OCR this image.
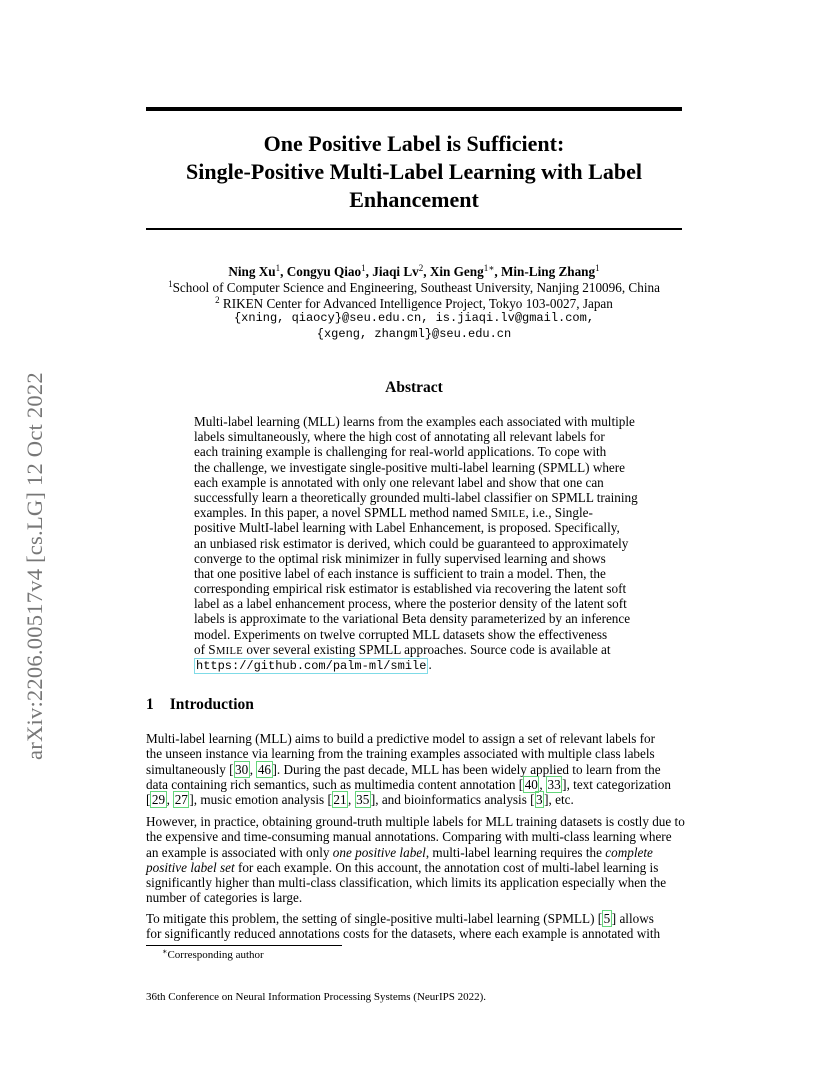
arXiv:2206.00517v4 [cs.LG] 12 Oct 2022
One Positive Label is Sufficient:
Single-Positive Multi-Label Learning with Label
Enhancement
Ning Xu$^1$, Congyu Qiao$^1$, Jiaqi Lv$^2$, Xin Geng$^{1∗}$, Min-Ling Zhang$^1$
$^1$School of Computer Science and Engineering, Southeast University, Nanjing 210096, China
$^2$ RIKEN Center for Advanced Intelligence Project, Tokyo 103-0027, Japan
{xning, qiaocy}@seu.edu.cn, is.jiaqi.lv@gmail.com,
{xgeng, zhangml}@seu.edu.cn
Abstract
Multi-label learning (MLL) learns from the examples each associated with multiple
labels simultaneously, where the high cost of annotating all relevant labels for
each training example is challenging for real-world applications. To cope with
the challenge, we investigate single-positive multi-label learning (SPMLL) where
each example is annotated with only one relevant label and show that one can
successfully learn a theoretically grounded multi-label classifier on SPMLL training
examples. In this paper, a novel SPMLL method named SMILE, i.e., Single-
positive MultI-label learning with Label Enhancement, is proposed. Specifically,
an unbiased risk estimator is derived, which could be guaranteed to approximately
converge to the optimal risk minimizer in fully supervised learning and shows
that one positive label of each instance is sufficient to train a model. Then, the
corresponding empirical risk estimator is established via recovering the latent soft
label as a label enhancement process, where the posterior density of the latent soft
labels is approximate to the variational Beta density parameterized by an inference
model. Experiments on twelve corrupted MLL datasets show the effectiveness
of SMILE over several existing SPMLL approaches. Source code is available at
https://github.com/palm-ml/smile .
1 Introduction
Multi-label learning (MLL) aims to build a predictive model to assign a set of relevant labels for
the unseen instance via learning from the training examples associated with multiple class labels
simultaneously [ 30 , 46 ]. During the past decade, MLL has been widely applied to learn from the
data containing rich semantics, such as multimedia content annotation [ 40 , 33 ], text categorization
[ 29 , 27 ], music emotion analysis [ 21 , 35 ], and bioinformatics analysis [ 3 ], etc.
However, in practice, obtaining ground-truth multiple labels for MLL training datasets is costly due to
the expensive and time-consuming manual annotations. Comparing with multi-class learning where
an example is associated with only one positive label, multi-label learning requires the complete
positive label set for each example. On this account, the annotation cost of multi-label learning is
significantly higher than multi-class classification, which limits its application especially when the
number of categories is large.
To mitigate this problem, the setting of single-positive multi-label learning (SPMLL) [ 5 ] allows
for significantly reduced annotations costs for the datasets, where each example is annotated with
∗Corresponding author
36th Conference on Neural Information Processing Systems (NeurIPS 2022).
